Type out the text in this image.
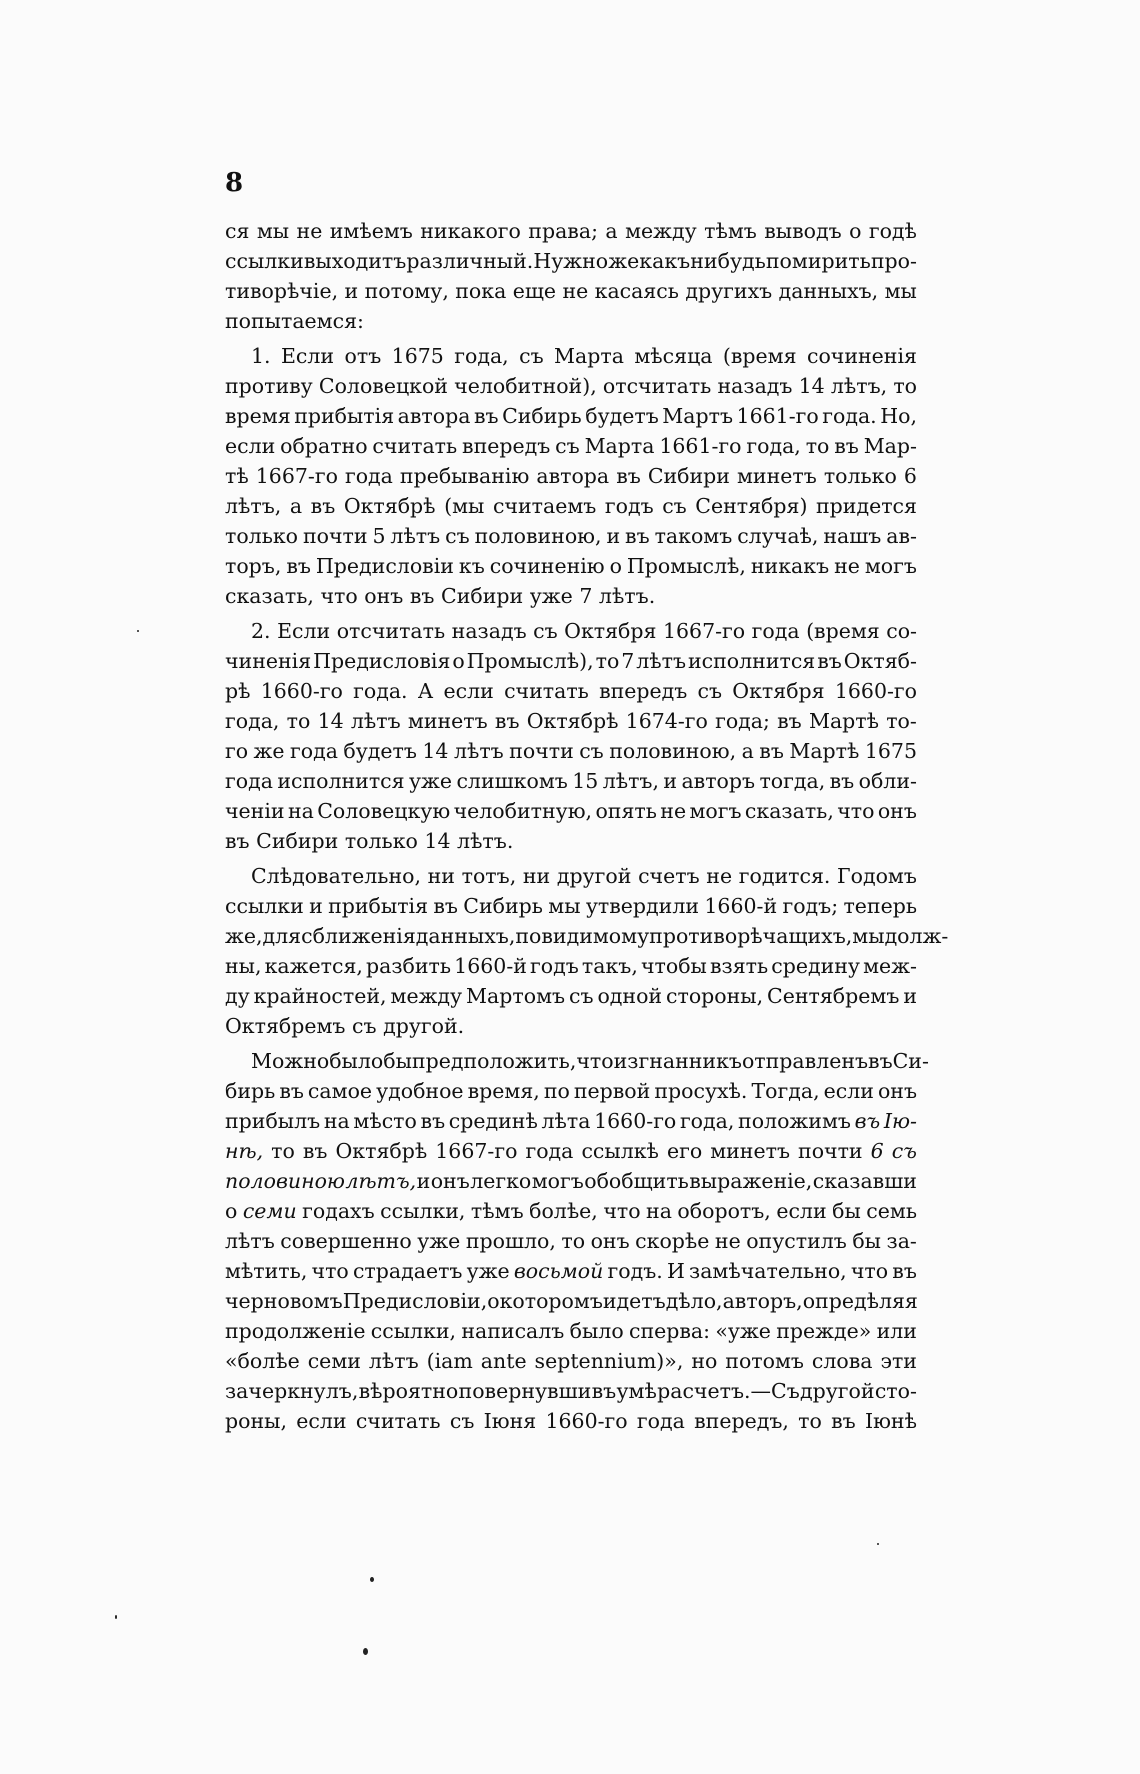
8
ся мы не имѣемъ никакого права; а между тѣмъ выводъ о годѣ
ссылки выходитъ различный. Нужно же какъ ни будь помирить про-
тиворѣчіе, и потому, пока еще не касаясь другихъ данныхъ, мы
попытаемся:
1. Если отъ 1675 года, съ Марта мѣсяца (время сочиненія
противу Соловецкой челобитной), отсчитать назадъ 14 лѣтъ, то
время прибытія автора въ Сибирь будетъ Мартъ 1661-го года. Но,
если обратно считать впередъ съ Марта 1661-го года, то въ Мар-
тѣ 1667-го года пребыванію автора въ Сибири минетъ только 6
лѣтъ, а въ Октябрѣ (мы считаемъ годъ съ Сентября) придется
только почти 5 лѣтъ съ половиною, и въ такомъ случаѣ, нашъ ав-
торъ, въ Предисловіи къ сочиненію о Промыслѣ, никакъ не могъ
сказать, что онъ въ Сибири уже 7 лѣтъ.
2. Если отсчитать назадъ съ Октября 1667-го года (время со-
чиненія Предисловія о Промыслѣ), то 7 лѣтъ исполнится въ Октяб-
рѣ 1660-го года. А если считать впередъ съ Октября 1660-го
года, то 14 лѣтъ минетъ въ Октябрѣ 1674-го года; въ Мартѣ то-
го же года будетъ 14 лѣтъ почти съ половиною, а въ Мартѣ 1675
года исполнится уже слишкомъ 15 лѣтъ, и авторъ тогда, въ обли-
ченіи на Соловецкую челобитную, опять не могъ сказать, что онъ
въ Сибири только 14 лѣтъ.
Слѣдовательно, ни тотъ, ни другой счетъ не годится. Годомъ
ссылки и прибытія въ Сибирь мы утвердили 1660-й годъ; теперь
же, для сближенія данныхъ, по видимому противорѣчащихъ, мы долж-
ны, кажется, разбить 1660-й годъ такъ, чтобы взять средину меж-
ду крайностей, между Мартомъ съ одной стороны, Сентябремъ и
Октябремъ съ другой.
Можно было бы предположить, что изгнанникъ отправленъ въ Си-
бирь въ самое удобное время, по первой просухѣ. Тогда, если онъ
прибылъ на мѣсто въ срединѣ лѣта 1660-го года, положимъ въ Ію-
нѣ, то въ Октябрѣ 1667-го года ссылкѣ его минетъ почти 6 съ
половиною лѣтъ, и онъ легко могъ обобщить выраженіе, сказавши
о семи годахъ ссылки, тѣмъ болѣе, что на оборотъ, если бы семь
лѣтъ совершенно уже прошло, то онъ скорѣе не опустилъ бы за-
мѣтить, что страдаетъ уже восьмой годъ. И замѣчательно, что въ
черновомъ Предисловіи, о которомъ идетъ дѣло, авторъ, опредѣляя
продолженіе ссылки, написалъ было сперва: «уже прежде» или
«болѣе семи лѣтъ (iam ante septennium)», но потомъ слова эти
зачеркнулъ, вѣроятно повернувши въ умѣ расчетъ.—Съ другой сто-
роны, если считать съ Іюня 1660-го года впередъ, то въ Іюнѣ
